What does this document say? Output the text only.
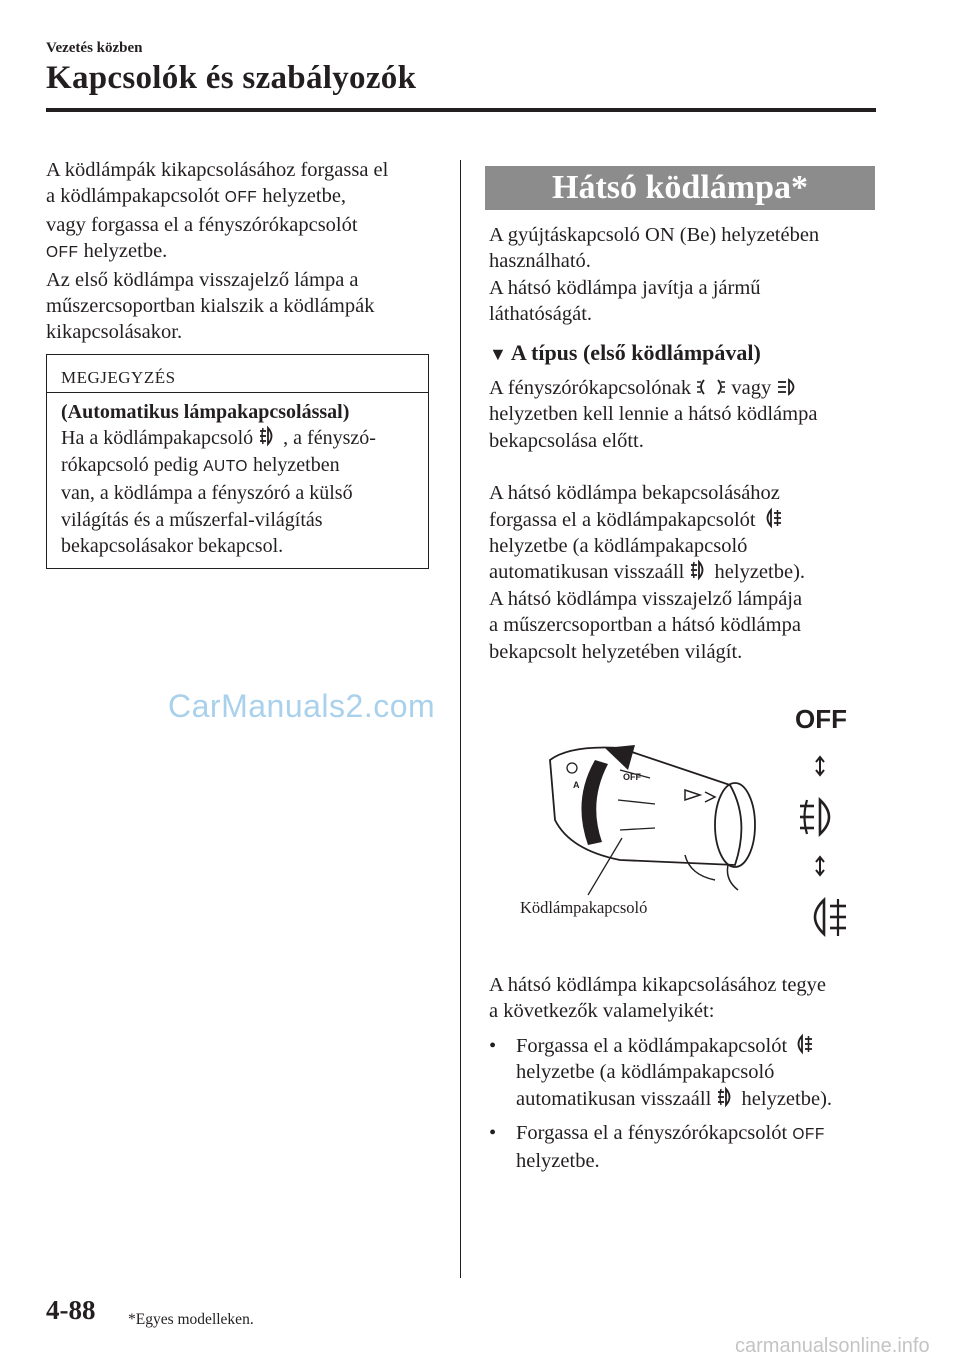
Vezetés közben
Kapcsolók és szabályozók
A ködlámpák kikapcsolásához forgassa el
a ködlámpakapcsolót OFF helyzetbe,
vagy forgassa el a fényszórókapcsolót
OFF helyzetbe.
Az első ködlámpa visszajelző lámpa a
műszercsoportban kialszik a ködlámpák
kikapcsolásakor.
MEGJEGYZÉS
(Automatikus lámpakapcsolással)
Ha a ködlámpakapcsoló , a fényszó-
rókapcsoló pedig AUTO helyzetben
van, a ködlámpa a fényszóró a külső
világítás és a műszerfal-világítás
bekapcsolásakor bekapcsol.
CarManuals2.com
Hátsó ködlámpa*
A gyújtáskapcsoló ON (Be) helyzetében
használható.
A hátsó ködlámpa javítja a jármű
láthatóságát.
▼ A típus (első ködlámpával)
A fényszórókapcsolónak vagy
helyzetben kell lennie a hátsó ködlámpa
bekapcsolása előtt.
A hátsó ködlámpa bekapcsolásához
forgassa el a ködlámpakapcsolót
helyzetbe (a ködlámpakapcsoló
automatikusan visszaáll helyzetbe).
A hátsó ködlámpa visszajelző lámpája
a műszercsoportban a hátsó ködlámpa
bekapcsolt helyzetében világít.
OFF
A
OFF
Ködlámpakapcsoló
A hátsó ködlámpa kikapcsolásához tegye
a következők valamelyikét:
• Forgassa el a ködlámpakapcsolót
helyzetbe (a ködlámpakapcsoló
automatikusan visszaáll helyzetbe).
• Forgassa el a fényszórókapcsolót OFF
helyzetbe.
4-88 *Egyes modelleken.
carmanualsonline.info
